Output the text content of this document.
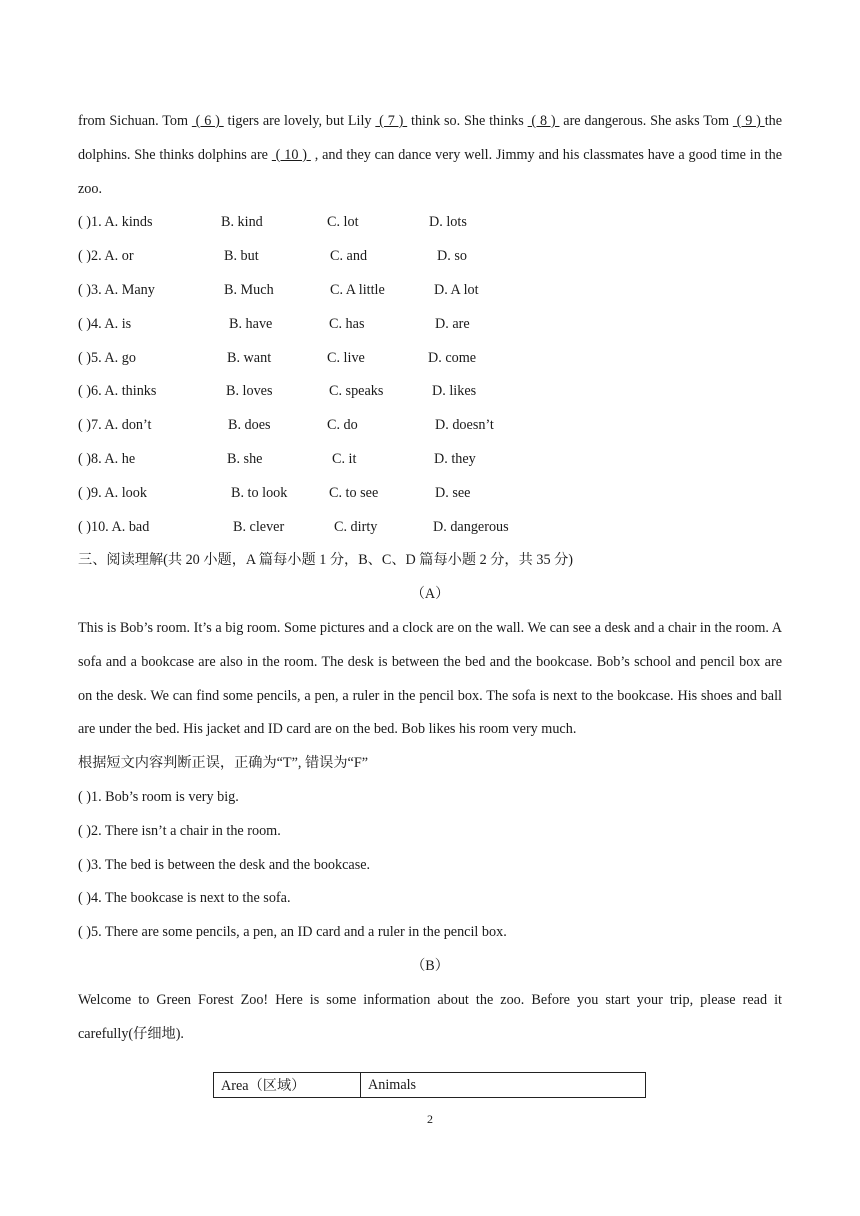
from Sichuan. Tom  ( 6 )  tigers are lovely, but Lily  ( 7 )  think so. She thinks  ( 8 )  are dangerous. She asks Tom  ( 9 ) the dolphins. She thinks dolphins are  ( 10 )  , and they can dance very well. Jimmy and his classmates have a good time in the zoo.
( )1. A. kinds	B. kind	C. lot	D. lots
( )2. A. or	B. but	C. and	D. so
( )3. A. Many	B. Much	C. A little	D. A lot
( )4. A. is	B. have	C. has	D. are
( )5. A. go	B. want	C. live	D. come
( )6. A. thinks	B. loves	C. speaks	D. likes
( )7. A. don’t	B. does	C. do	D. doesn’t
( )8. A. he	B. she	C. it	D. they
( )9. A. look	B. to look	C. to see	D. see
( )10. A. bad	B. clever	C. dirty	D. dangerous
三、阅读理解(共 20 小题，A 篇每小题 1 分，B、C、D 篇每小题 2 分，共 35 分)
（A）
This is Bob’s room. It’s a big room. Some pictures and a clock are on the wall. We can see a desk and a chair in the room. A sofa and a bookcase are also in the room. The desk is between the bed and the bookcase. Bob’s school and pencil box are on the desk. We can find some pencils, a pen, a ruler in the pencil box. The sofa is next to the bookcase. His shoes and ball are under the bed. His jacket and ID card are on the bed. Bob likes his room very much.
根据短文内容判断正误，正确为“T”, 错误为“F”
( )1. Bob’s room is very big.
( )2. There isn’t a chair in the room.
( )3. The bed is between the desk and the bookcase.
( )4. The bookcase is next to the sofa.
( )5. There are some pencils, a pen, an ID card and a ruler in the pencil box.
（B）
Welcome to Green Forest Zoo! Here is some information about the zoo. Before you start your trip, please read it carefully(仔细地).
Area（区域）	Animals
2
